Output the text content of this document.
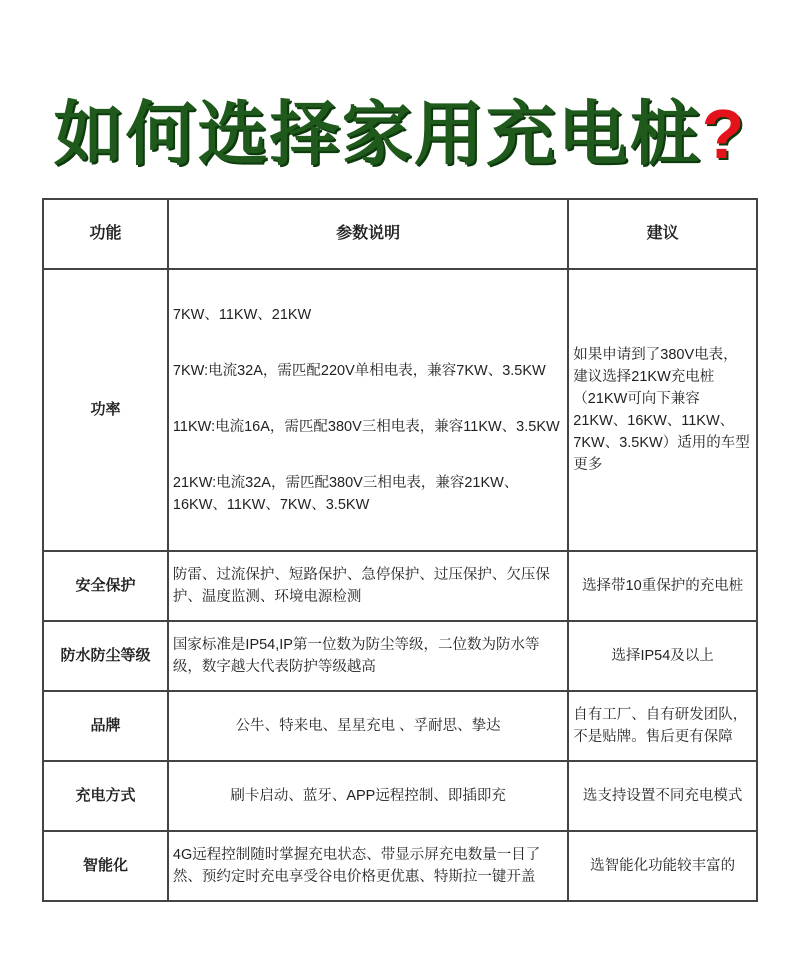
如何选择家用充电桩?
功能	参数说明	建议
功率	7KW、11KW、21KW
7KW:电流32A，需匹配220V单相电表，兼容7KW、3.5KW
11KW:电流16A，需匹配380V三相电表，兼容11KW、3.5KW
21KW:电流32A，需匹配380V三相电表，兼容21KW、16KW、11KW、7KW、3.5KW	如果申请到了380V电表，建议选择21KW充电桩（21KW可向下兼容21KW、16KW、11KW、7KW、3.5KW）适用的车型更多
安全保护	防雷、过流保护、短路保护、急停保护、过压保护、欠压保护、温度监测、环境电源检测	选择带10重保护的充电桩
防水防尘等级	国家标准是IP54,IP第一位数为防尘等级，二位数为防水等级，数字越大代表防护等级越高	选择IP54及以上
品牌	公牛、特来电、星星充电 、孚耐思、挚达	自有工厂、自有研发团队，不是贴牌。售后更有保障
充电方式	刷卡启动、蓝牙、APP远程控制、即插即充	选支持设置不同充电模式
智能化	4G远程控制随时掌握充电状态、带显示屏充电数量一目了然、预约定时充电享受谷电价格更优惠、特斯拉一键开盖	选智能化功能较丰富的
